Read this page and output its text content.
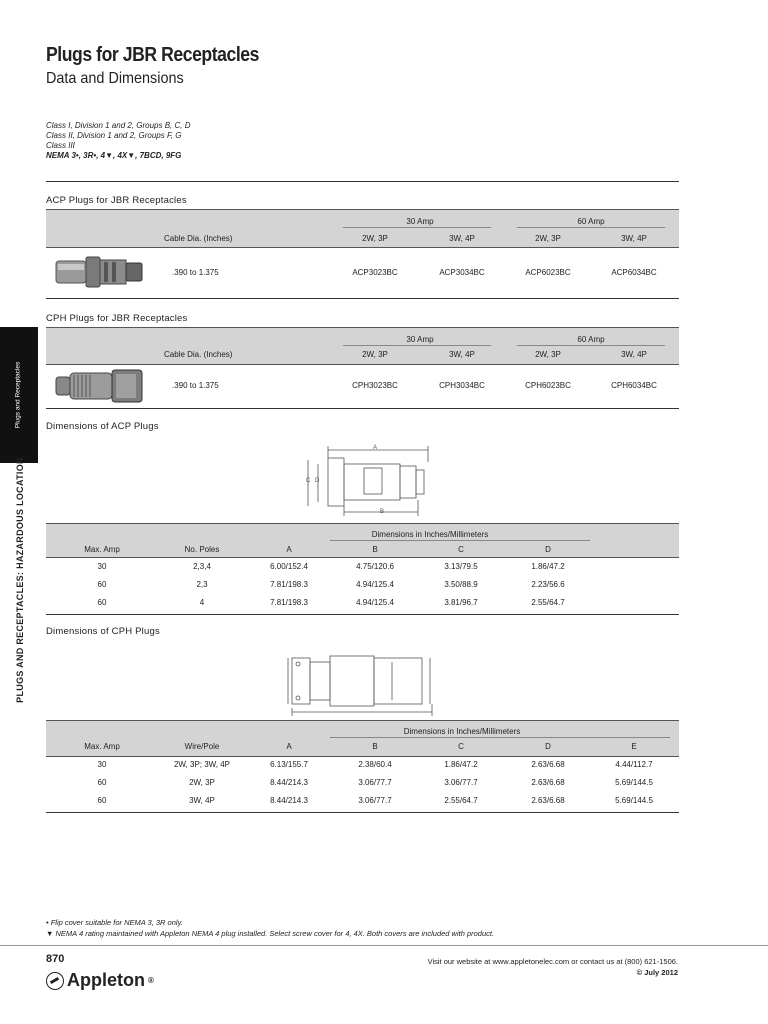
Plugs for JBR Receptacles
Data and Dimensions
Class I, Division 1 and 2, Groups B, C, D
Class II, Division 1 and 2, Groups F, G
Class III
NEMA 3•, 3R•, 4▼, 4X▼, 7BCD, 9FG
Plugs and Receptacles
PLUGS AND RECEPTACLES: HAZARDOUS LOCATION
ACP Plugs for JBR Receptacles
30 Amp	60 Amp
Cable Dia. (Inches)	2W, 3P	3W, 4P	2W, 3P	3W, 4P
.390 to 1.375	ACP3023BC	ACP3034BC	ACP6023BC	ACP6034BC
CPH Plugs for JBR Receptacles
30 Amp	60 Amp
Cable Dia. (Inches)	2W, 3P	3W, 4P	2W, 3P	3W, 4P
.390 to 1.375	CPH3023BC	CPH3034BC	CPH6023BC	CPH6034BC
Dimensions of ACP Plugs
A
C D
B
Dimensions in Inches/Millimeters
Max. Amp	No. Poles	A	B	C	D
30	2,3,4	6.00/152.4	4.75/120.6	3.13/79.5	1.86/47.2
60	2,3	7.81/198.3	4.94/125.4	3.50/88.9	2.23/56.6
60	4	7.81/198.3	4.94/125.4	3.81/96.7	2.55/64.7
Dimensions of CPH Plugs
Dimensions in Inches/Millimeters
Max. Amp	Wire/Pole	A	B	C	D	E
30	2W, 3P; 3W, 4P	6.13/155.7	2.38/60.4	1.86/47.2	2.63/6.68	4.44/112.7
60	2W, 3P	8.44/214.3	3.06/77.7	3.06/77.7	2.63/6.68	5.69/144.5
60	3W, 4P	8.44/214.3	3.06/77.7	2.55/64.7	2.63/6.68	5.69/144.5
• Flip cover suitable for NEMA 3, 3R only.
▼ NEMA 4 rating maintained with Appleton NEMA 4 plug installed. Select screw cover for 4, 4X. Both covers are included with product.
870
Appleton ®
Visit our website at www.appletonelec.com or contact us at (800) 621-1506.
© July 2012
